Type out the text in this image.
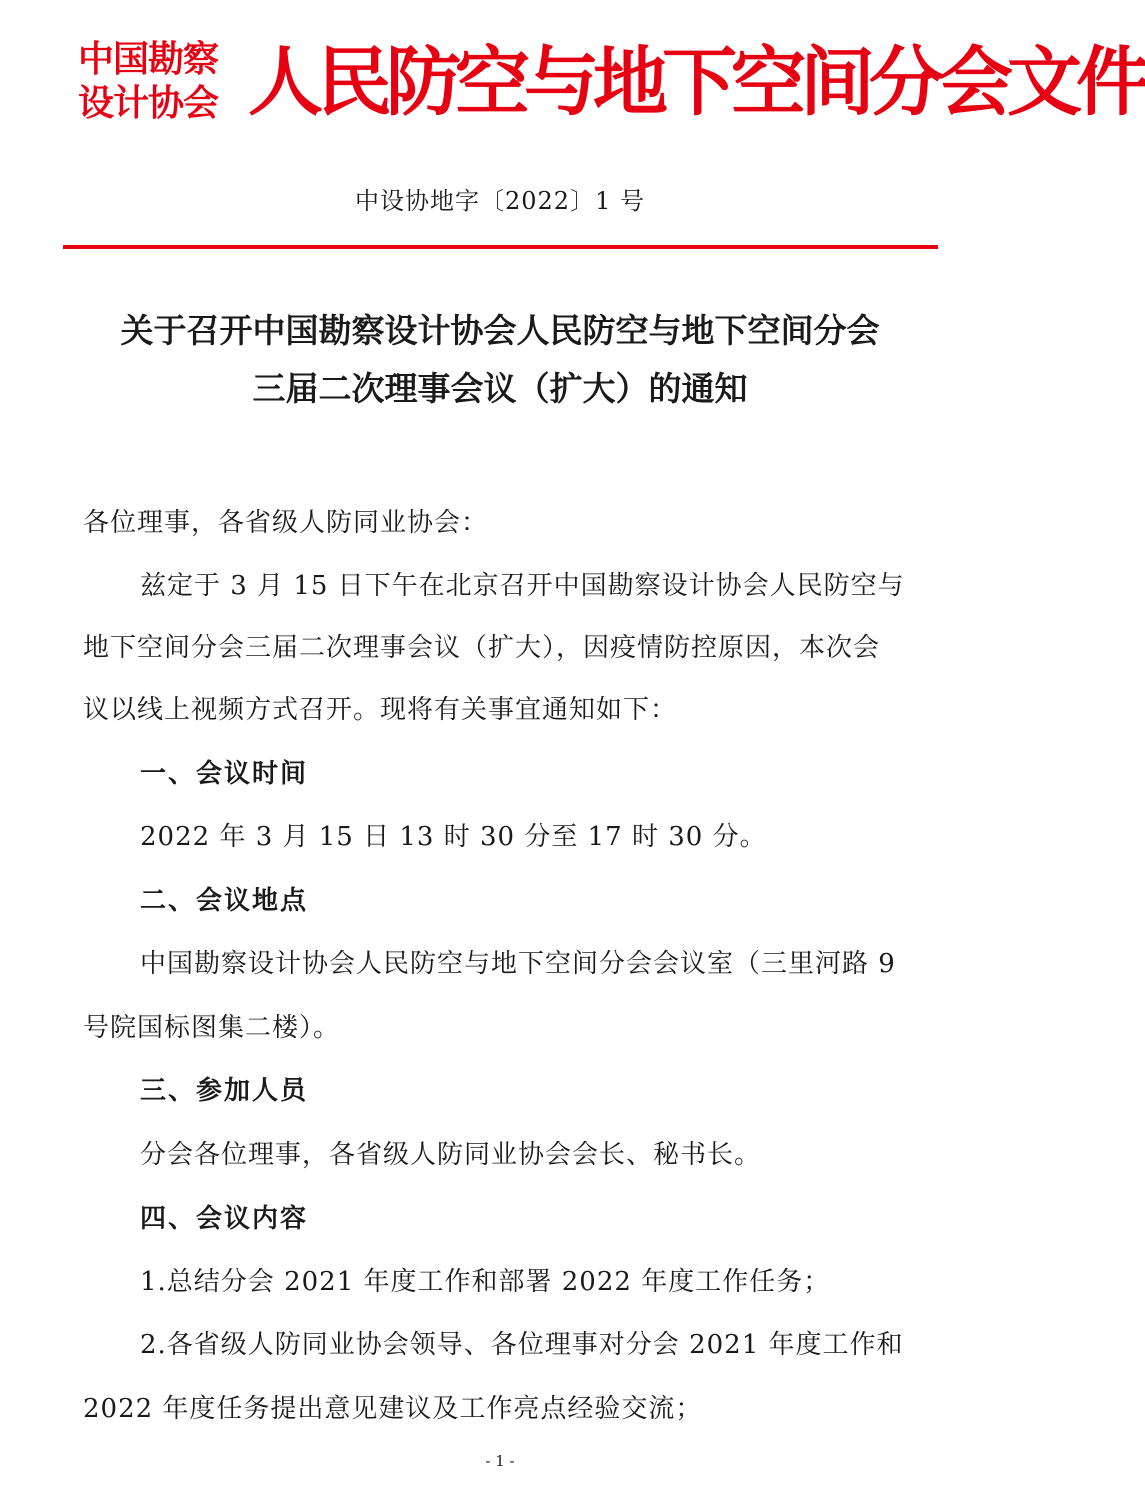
中国勘察
设计协会 人民防空与地下空间分会文件
中设协地字〔2022〕1 号
关于召开中国勘察设计协会人民防空与地下空间分会
三届二次理事会议（扩大）的通知
各位理事，各省级人防同业协会：
兹定于 3 月 15 日下午在北京召开中国勘察设计协会人民防空与
地下空间分会三届二次理事会议（扩大），因疫情防控原因，本次会
议以线上视频方式召开。现将有关事宜通知如下：
一、会议时间
2022 年 3 月 15 日 13 时 30 分至 17 时 30 分。
二、会议地点
中国勘察设计协会人民防空与地下空间分会会议室（三里河路 9
号院国标图集二楼）。
三、参加人员
分会各位理事，各省级人防同业协会会长、秘书长。
四、会议内容
1.总结分会 2021 年度工作和部署 2022 年度工作任务；
2.各省级人防同业协会领导、各位理事对分会 2021 年度工作和
2022 年度任务提出意见建议及工作亮点经验交流；
- 1 -
